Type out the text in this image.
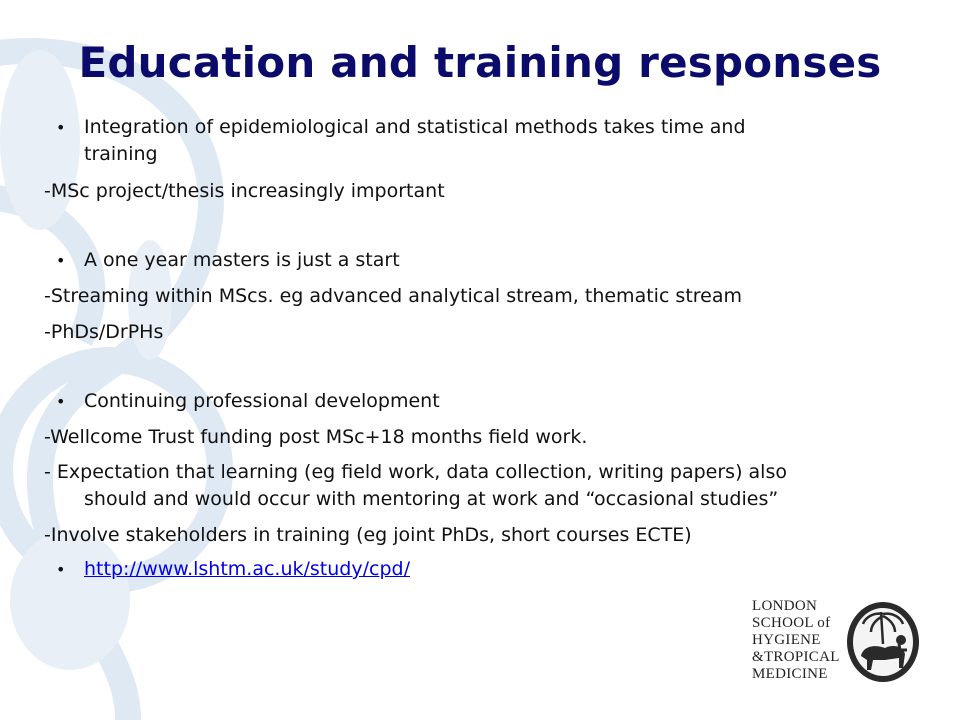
Education and training responses
• Integration of epidemiological and statistical methods takes time and
training
-MSc project/thesis increasingly important
• A one year masters is just a start
-Streaming within MScs. eg advanced analytical stream, thematic stream
-PhDs/DrPHs
• Continuing professional development
-Wellcome Trust funding post MSc+18 months field work.
- Expectation that learning (eg field work, data collection, writing papers) also
should and would occur with mentoring at work and “occasional studies”
-Involve stakeholders in training (eg joint PhDs, short courses ECTE)
• http://www.lshtm.ac.uk/study/cpd/
LONDON
SCHOOL of
HYGIENE
&TROPICAL
MEDICINE
